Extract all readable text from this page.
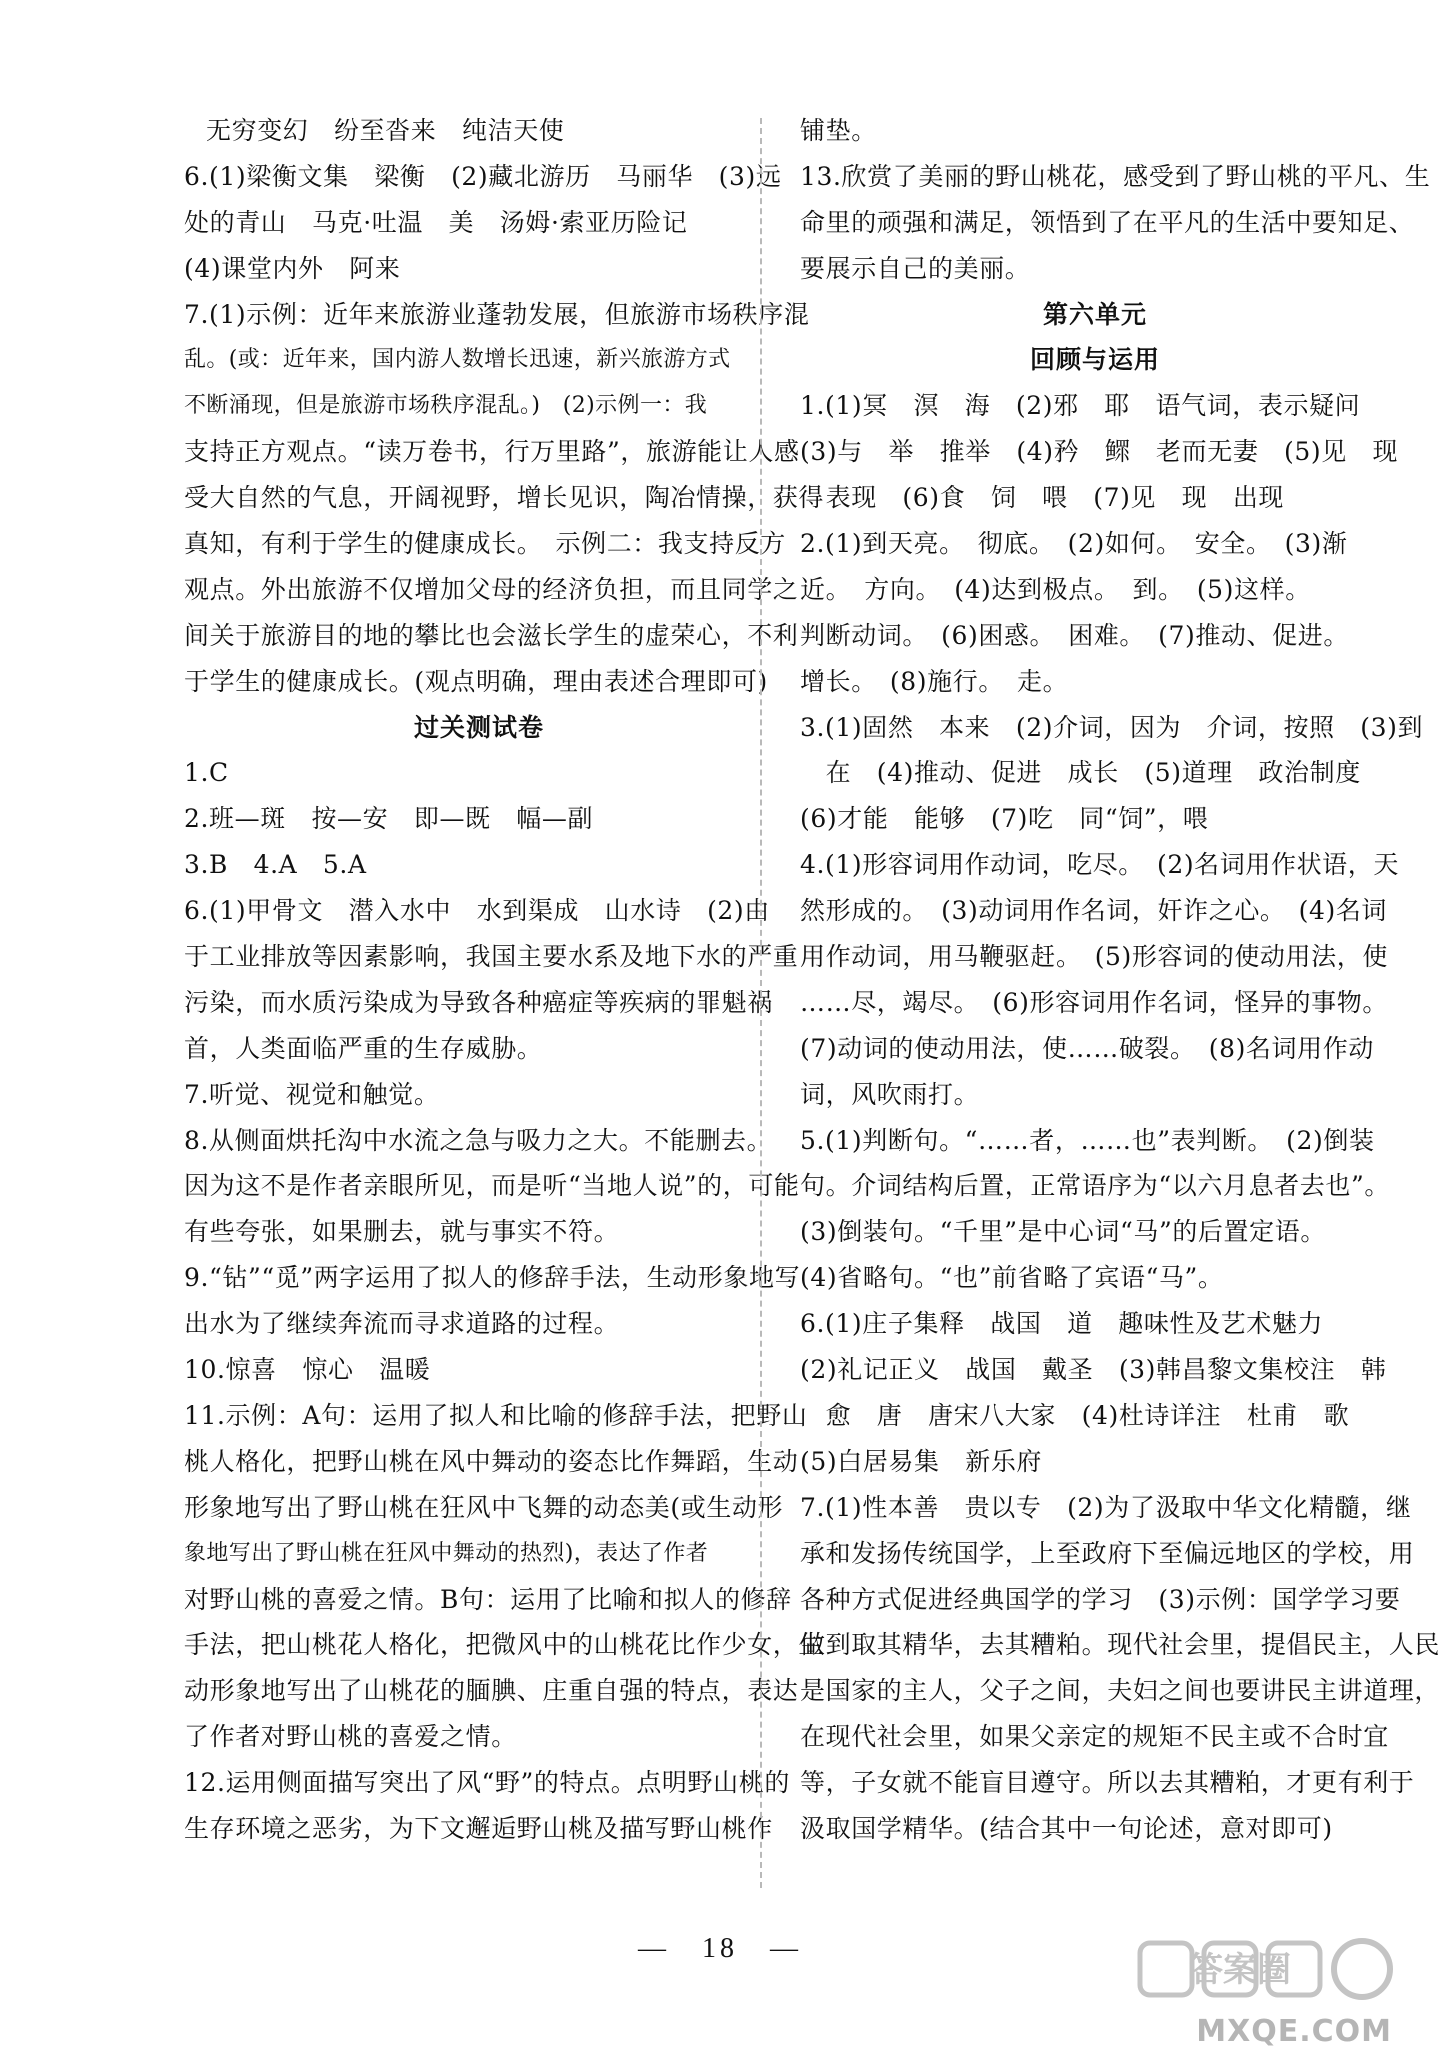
无穷变幻　纷至沓来　纯洁天使
6.(1)梁衡文集　梁衡　(2)藏北游历　马丽华　(3)远
处的青山　马克·吐温　美　汤姆·索亚历险记
(4)课堂内外　阿来
7.(1)示例：近年来旅游业蓬勃发展，但旅游市场秩序混
乱。(或：近年来，国内游人数增长迅速，新兴旅游方式
不断涌现，但是旅游市场秩序混乱。)　(2)示例一：我
支持正方观点。“读万卷书，行万里路”，旅游能让人感
受大自然的气息，开阔视野，增长见识，陶冶情操，获得
真知，有利于学生的健康成长。　示例二：我支持反方
观点。外出旅游不仅增加父母的经济负担，而且同学之
间关于旅游目的地的攀比也会滋长学生的虚荣心，不利
于学生的健康成长。(观点明确，理由表述合理即可)
过关测试卷
1.C
2.班—斑　按—安　即—既　幅—副
3.B　4.A　5.A
6.(1)甲骨文　潜入水中　水到渠成　山水诗　(2)由
于工业排放等因素影响，我国主要水系及地下水的严重
污染，而水质污染成为导致各种癌症等疾病的罪魁祸
首，人类面临严重的生存威胁。
7.听觉、视觉和触觉。
8.从侧面烘托沟中水流之急与吸力之大。不能删去。
因为这不是作者亲眼所见，而是听“当地人说”的，可能
有些夸张，如果删去，就与事实不符。
9.“钻”“觅”两字运用了拟人的修辞手法，生动形象地写
出水为了继续奔流而寻求道路的过程。
10.惊喜　惊心　温暖
11.示例：A句：运用了拟人和比喻的修辞手法，把野山
桃人格化，把野山桃在风中舞动的姿态比作舞蹈，生动
形象地写出了野山桃在狂风中飞舞的动态美(或生动形
象地写出了野山桃在狂风中舞动的热烈)，表达了作者
对野山桃的喜爱之情。B句：运用了比喻和拟人的修辞
手法，把山桃花人格化，把微风中的山桃花比作少女，生
动形象地写出了山桃花的腼腆、庄重自强的特点，表达
了作者对野山桃的喜爱之情。
12.运用侧面描写突出了风“野”的特点。点明野山桃的
生存环境之恶劣，为下文邂逅野山桃及描写野山桃作
铺垫。
13.欣赏了美丽的野山桃花，感受到了野山桃的平凡、生
命里的顽强和满足，领悟到了在平凡的生活中要知足、
要展示自己的美丽。
第六单元
回顾与运用
1.(1)冥　溟　海　(2)邪　耶　语气词，表示疑问
(3)与　举　推举　(4)矜　鳏　老而无妻　(5)见　现
　表现　(6)食　饲　喂　(7)见　现　出现
2.(1)到天亮。　彻底。　(2)如何。　安全。　(3)渐
近。　方向。　(4)达到极点。　到。　(5)这样。
判断动词。　(6)困惑。　困难。　(7)推动、促进。
增长。　(8)施行。　走。
3.(1)固然　本来　(2)介词，因为　介词，按照　(3)到
　在　(4)推动、促进　成长　(5)道理　政治制度
(6)才能　能够　(7)吃　同“饲”，喂
4.(1)形容词用作动词，吃尽。　(2)名词用作状语，天
然形成的。　(3)动词用作名词，奸诈之心。　(4)名词
用作动词，用马鞭驱赶。　(5)形容词的使动用法，使
……尽，竭尽。　(6)形容词用作名词，怪异的事物。
(7)动词的使动用法，使……破裂。　(8)名词用作动
词，风吹雨打。
5.(1)判断句。“……者，……也”表判断。　(2)倒装
句。介词结构后置，正常语序为“以六月息者去也”。
(3)倒装句。“千里”是中心词“马”的后置定语。
(4)省略句。“也”前省略了宾语“马”。
6.(1)庄子集释　战国　道　趣味性及艺术魅力
(2)礼记正义　战国　戴圣　(3)韩昌黎文集校注　韩
　愈　唐　唐宋八大家　(4)杜诗详注　杜甫　歌
(5)白居易集　新乐府
7.(1)性本善　贵以专　(2)为了汲取中华文化精髓，继
承和发扬传统国学，上至政府下至偏远地区的学校，用
各种方式促进经典国学的学习　(3)示例：国学学习要
做到取其精华，去其糟粕。现代社会里，提倡民主，人民
是国家的主人，父子之间，夫妇之间也要讲民主讲道理，
在现代社会里，如果父亲定的规矩不民主或不合时宜
等，子女就不能盲目遵守。所以去其糟粕，才更有利于
汲取国学精华。(结合其中一句论述，意对即可)
—　18　—
答案圈
MXQE.COM
